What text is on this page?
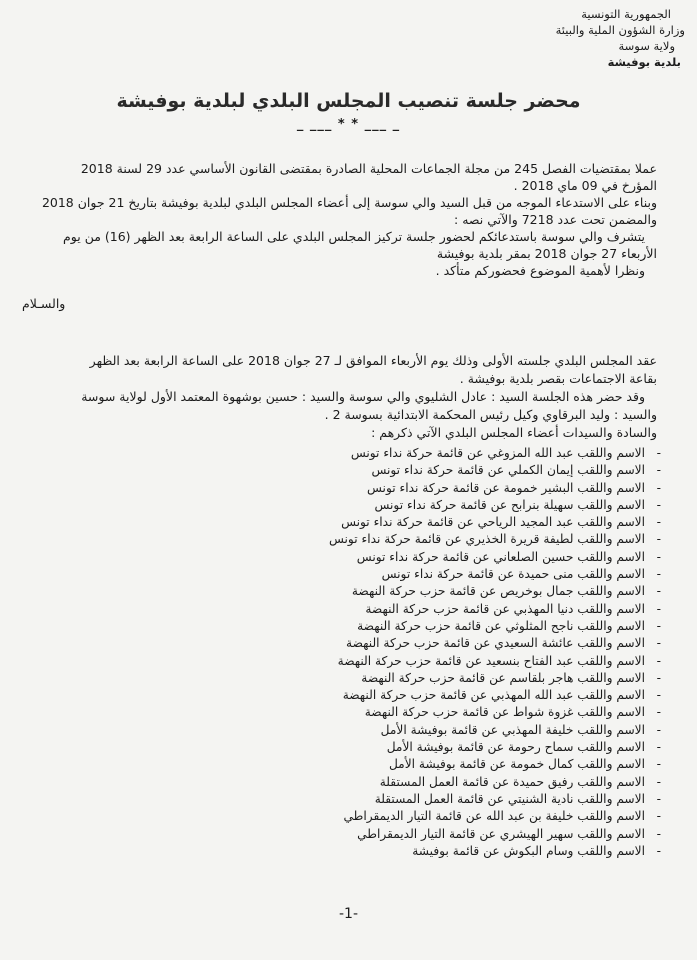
الجمهورية التونسية
وزارة الشؤون الملية والبيئة
ولاية سوسة
بلدية بوفيشة
محضر جلسة تنصيب المجلس البلدي لبلدية بوفيشة
_ ___ * * ___ _
عملا بمقتضيات الفصل 245 من مجلة الجماعات المحلية الصادرة بمقتضى القانون الأساسي عدد 29 لسنة 2018
المؤرخ في 09 ماي 2018 .
وبناء على الاستدعاء الموجه من قبل السيد والي سوسة إلى أعضاء المجلس البلدي لبلدية بوفيشة بتاريخ 21 جوان 2018
والمضمن تحت عدد 7218 والآتي نصه :
يتشرف والي سوسة باستدعائكم لحضور جلسة تركيز المجلس البلدي على الساعة الرابعة بعد الظهر (16) من يوم
الأربعاء 27 جوان 2018 بمقر بلدية بوفيشة
ونظرا لأهمية الموضوع فحضوركم متأكد .
والسـلام
عقد المجلس البلدي جلسته الأولى وذلك يوم الأربعاء الموافق لـ 27 جوان 2018 على الساعة الرابعة بعد الظهر
بقاعة الاجتماعات بقصر بلدية بوفيشة .
وقد حضر هذه الجلسة السيد : عادل الشليوي والي سوسة والسيد : حسين بوشهوة المعتمد الأول لولاية سوسة
والسيد : وليد البرقاوي وكيل رئيس المحكمة الابتدائية بسوسة 2 .
والسادة والسيدات أعضاء المجلس البلدي الآتي ذكرهم :
- الاسم واللقب عبد الله المزوغي عن قائمة حركة نداء تونس
- الاسم واللقب إيمان الكملي عن قائمة حركة نداء تونس
- الاسم واللقب البشير خمومة عن قائمة حركة نداء تونس
- الاسم واللقب سهيلة بنرابح عن قائمة حركة نداء تونس
- الاسم واللقب عبد المجيد الرياحي عن قائمة حركة نداء تونس
- الاسم واللقب لطيفة قريرة الخذيري عن قائمة حركة نداء تونس
- الاسم واللقب حسين الصلعاني عن قائمة حركة نداء تونس
- الاسم واللقب منى حميدة عن قائمة حركة نداء تونس
- الاسم واللقب جمال بوخريص عن قائمة حزب حركة النهضة
- الاسم واللقب دنيا المهذبي عن قائمة حزب حركة النهضة
- الاسم واللقب ناجح المثلوثي عن قائمة حزب حركة النهضة
- الاسم واللقب عائشة السعيدي عن قائمة حزب حركة النهضة
- الاسم واللقب عبد الفتاح بنسعيد عن قائمة حزب حركة النهضة
- الاسم واللقب هاجر بلقاسم عن قائمة حزب حركة النهضة
- الاسم واللقب عبد الله المهذبي عن قائمة حزب حركة النهضة
- الاسم واللقب غزوة شواط عن قائمة حزب حركة النهضة
- الاسم واللقب خليفة المهذبي عن قائمة بوفيشة الأمل
- الاسم واللقب سماح رحومة عن قائمة بوفيشة الأمل
- الاسم واللقب كمال خمومة عن قائمة بوفيشة الأمل
- الاسم واللقب رفيق حميدة عن قائمة العمل المستقلة
- الاسم واللقب نادية الشنيتي عن قائمة العمل المستقلة
- الاسم واللقب خليفة بن عبد الله عن قائمة التيار الديمقراطي
- الاسم واللقب سهير الهيشري عن قائمة التيار الديمقراطي
- الاسم واللقب وسام البكوش عن قائمة بوفيشة
-1-
